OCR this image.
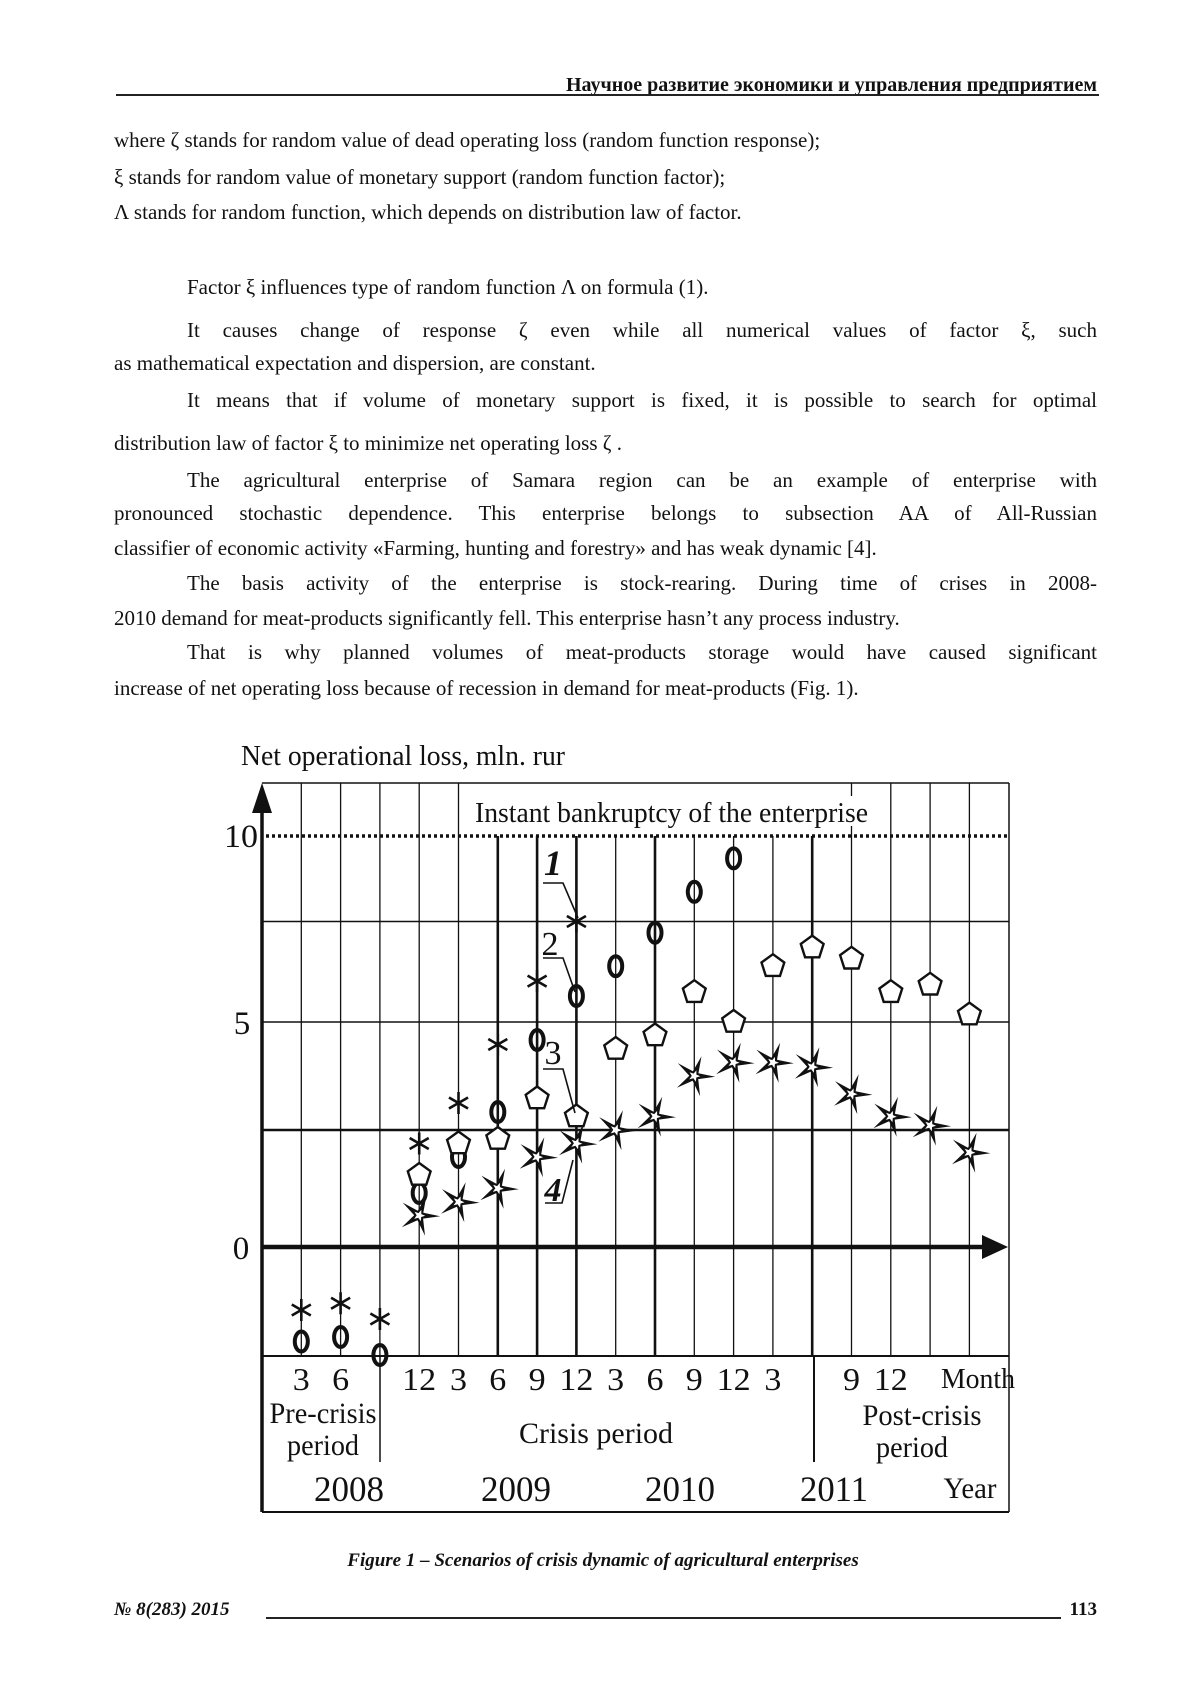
Научное развитие экономики и управления предприятием
where ζ stands for random value of dead operating loss (random function response);
ξ stands for random value of monetary support (random function factor);
Λ stands for random function, which depends on distribution law of factor.
Factor ξ influences type of random function Λ on formula (1).
It causes change of response ζ even while all numerical values of factor ξ, such
as mathematical expectation and dispersion, are constant.
It means that if volume of monetary support is fixed, it is possible to search for optimal
distribution law of factor ξ to minimize net operating loss ζ .
The agricultural enterprise of Samara region can be an example of enterprise with
pronounced stochastic dependence. This enterprise belongs to subsection AA of All-Russian
classifier of economic activity «Farming, hunting and forestry» and has weak dynamic [4].
The basis activity of the enterprise is stock-rearing. During time of crises in 2008-
2010 demand for meat-products significantly fell. This enterprise hasn’t any process industry.
That is why planned volumes of meat-products storage would have caused significant
increase of net operating loss because of recession in demand for meat-products (Fig. 1).
Net operational loss, mln. rur
Instant bankruptcy of the enterprise
10
5
0
1
2
3
4
3 6 12 3 6 9 12 3 6 9 12 3 9 12 Month
Pre-crisis
period	Crisis period
Post-crisis
period
2008	2009	2010 2011	Year
Figure 1 – Scenarios of crisis dynamic of agricultural enterprises
№ 8(283) 2015	113
